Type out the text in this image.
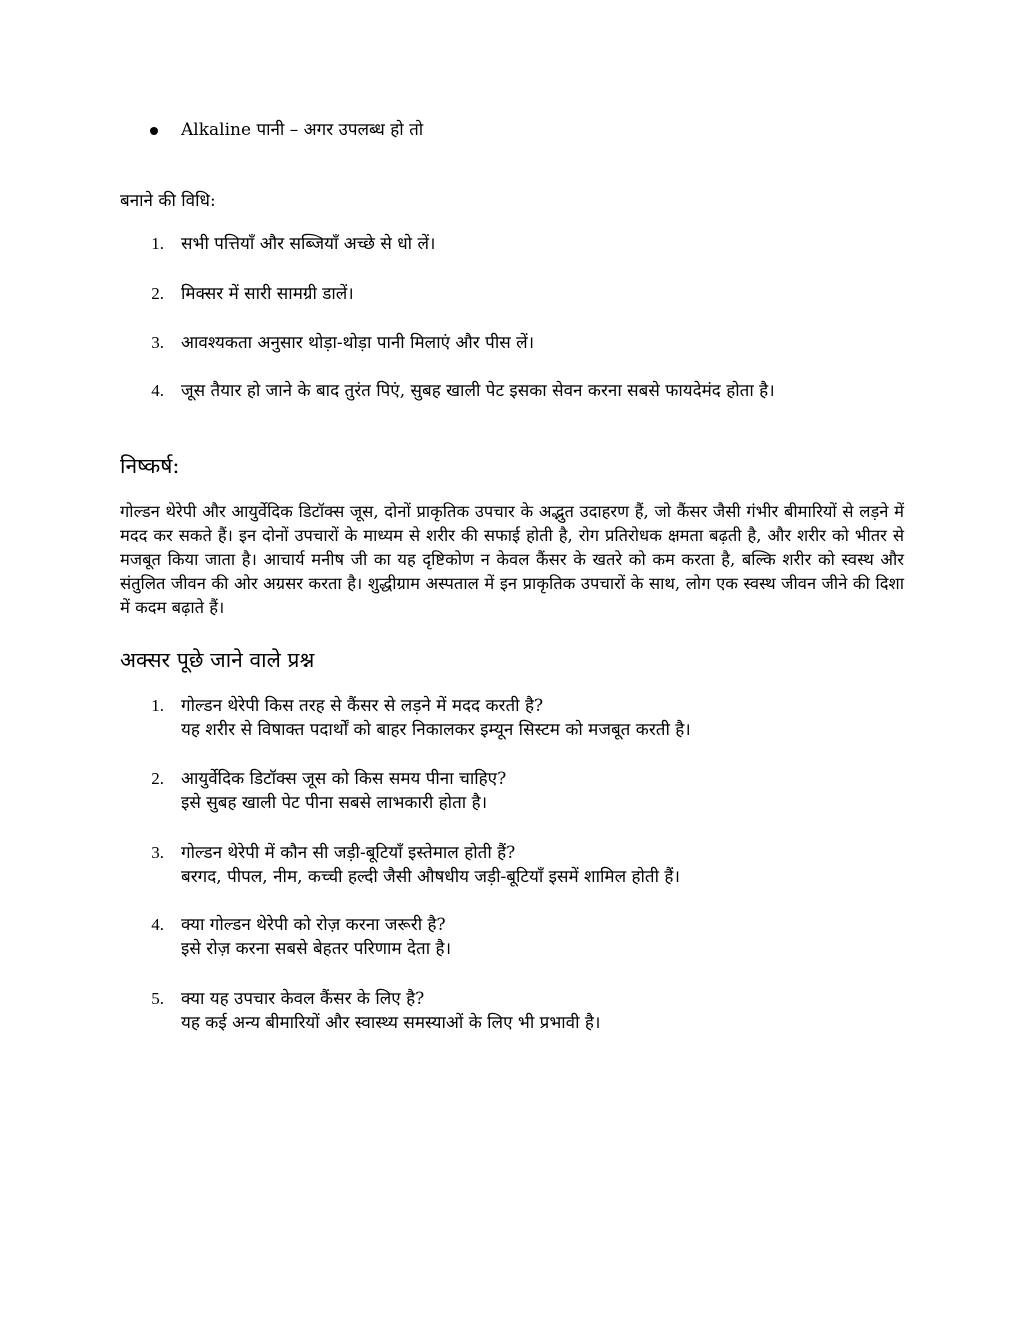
Alkaline पानी – अगर उपलब्ध हो तो
बनाने की विधि:
1. सभी पत्तियाँ और सब्जियाँ अच्छे से धो लें।
2. मिक्सर में सारी सामग्री डालें।
3. आवश्यकता अनुसार थोड़ा-थोड़ा पानी मिलाएं और पीस लें।
4. जूस तैयार हो जाने के बाद तुरंत पिएं, सुबह खाली पेट इसका सेवन करना सबसे फायदेमंद होता है।
निष्कर्ष:
गोल्डन थेरेपी और आयुर्वेदिक डिटॉक्स जूस, दोनों प्राकृतिक उपचार के अद्भुत उदाहरण हैं, जो कैंसर जैसी गंभीर बीमारियों से लड़ने में मदद कर सकते हैं। इन दोनों उपचारों के माध्यम से शरीर की सफाई होती है, रोग प्रतिरोधक क्षमता बढ़ती है, और शरीर को भीतर से मजबूत किया जाता है। आचार्य मनीष जी का यह दृष्टिकोण न केवल कैंसर के खतरे को कम करता है, बल्कि शरीर को स्वस्थ और संतुलित जीवन की ओर अग्रसर करता है। शुद्धीग्राम अस्पताल में इन प्राकृतिक उपचारों के साथ, लोग एक स्वस्थ जीवन जीने की दिशा में कदम बढ़ाते हैं।
अक्सर पूछे जाने वाले प्रश्न
1. गोल्डन थेरेपी किस तरह से कैंसर से लड़ने में मदद करती है?
यह शरीर से विषाक्त पदार्थों को बाहर निकालकर इम्यून सिस्टम को मजबूत करती है।
2. आयुर्वेदिक डिटॉक्स जूस को किस समय पीना चाहिए?
इसे सुबह खाली पेट पीना सबसे लाभकारी होता है।
3. गोल्डन थेरेपी में कौन सी जड़ी-बूटियाँ इस्तेमाल होती हैं?
बरगद, पीपल, नीम, कच्ची हल्दी जैसी औषधीय जड़ी-बूटियाँ इसमें शामिल होती हैं।
4. क्या गोल्डन थेरेपी को रोज़ करना जरूरी है?
इसे रोज़ करना सबसे बेहतर परिणाम देता है।
5. क्या यह उपचार केवल कैंसर के लिए है?
यह कई अन्य बीमारियों और स्वास्थ्य समस्याओं के लिए भी प्रभावी है।
